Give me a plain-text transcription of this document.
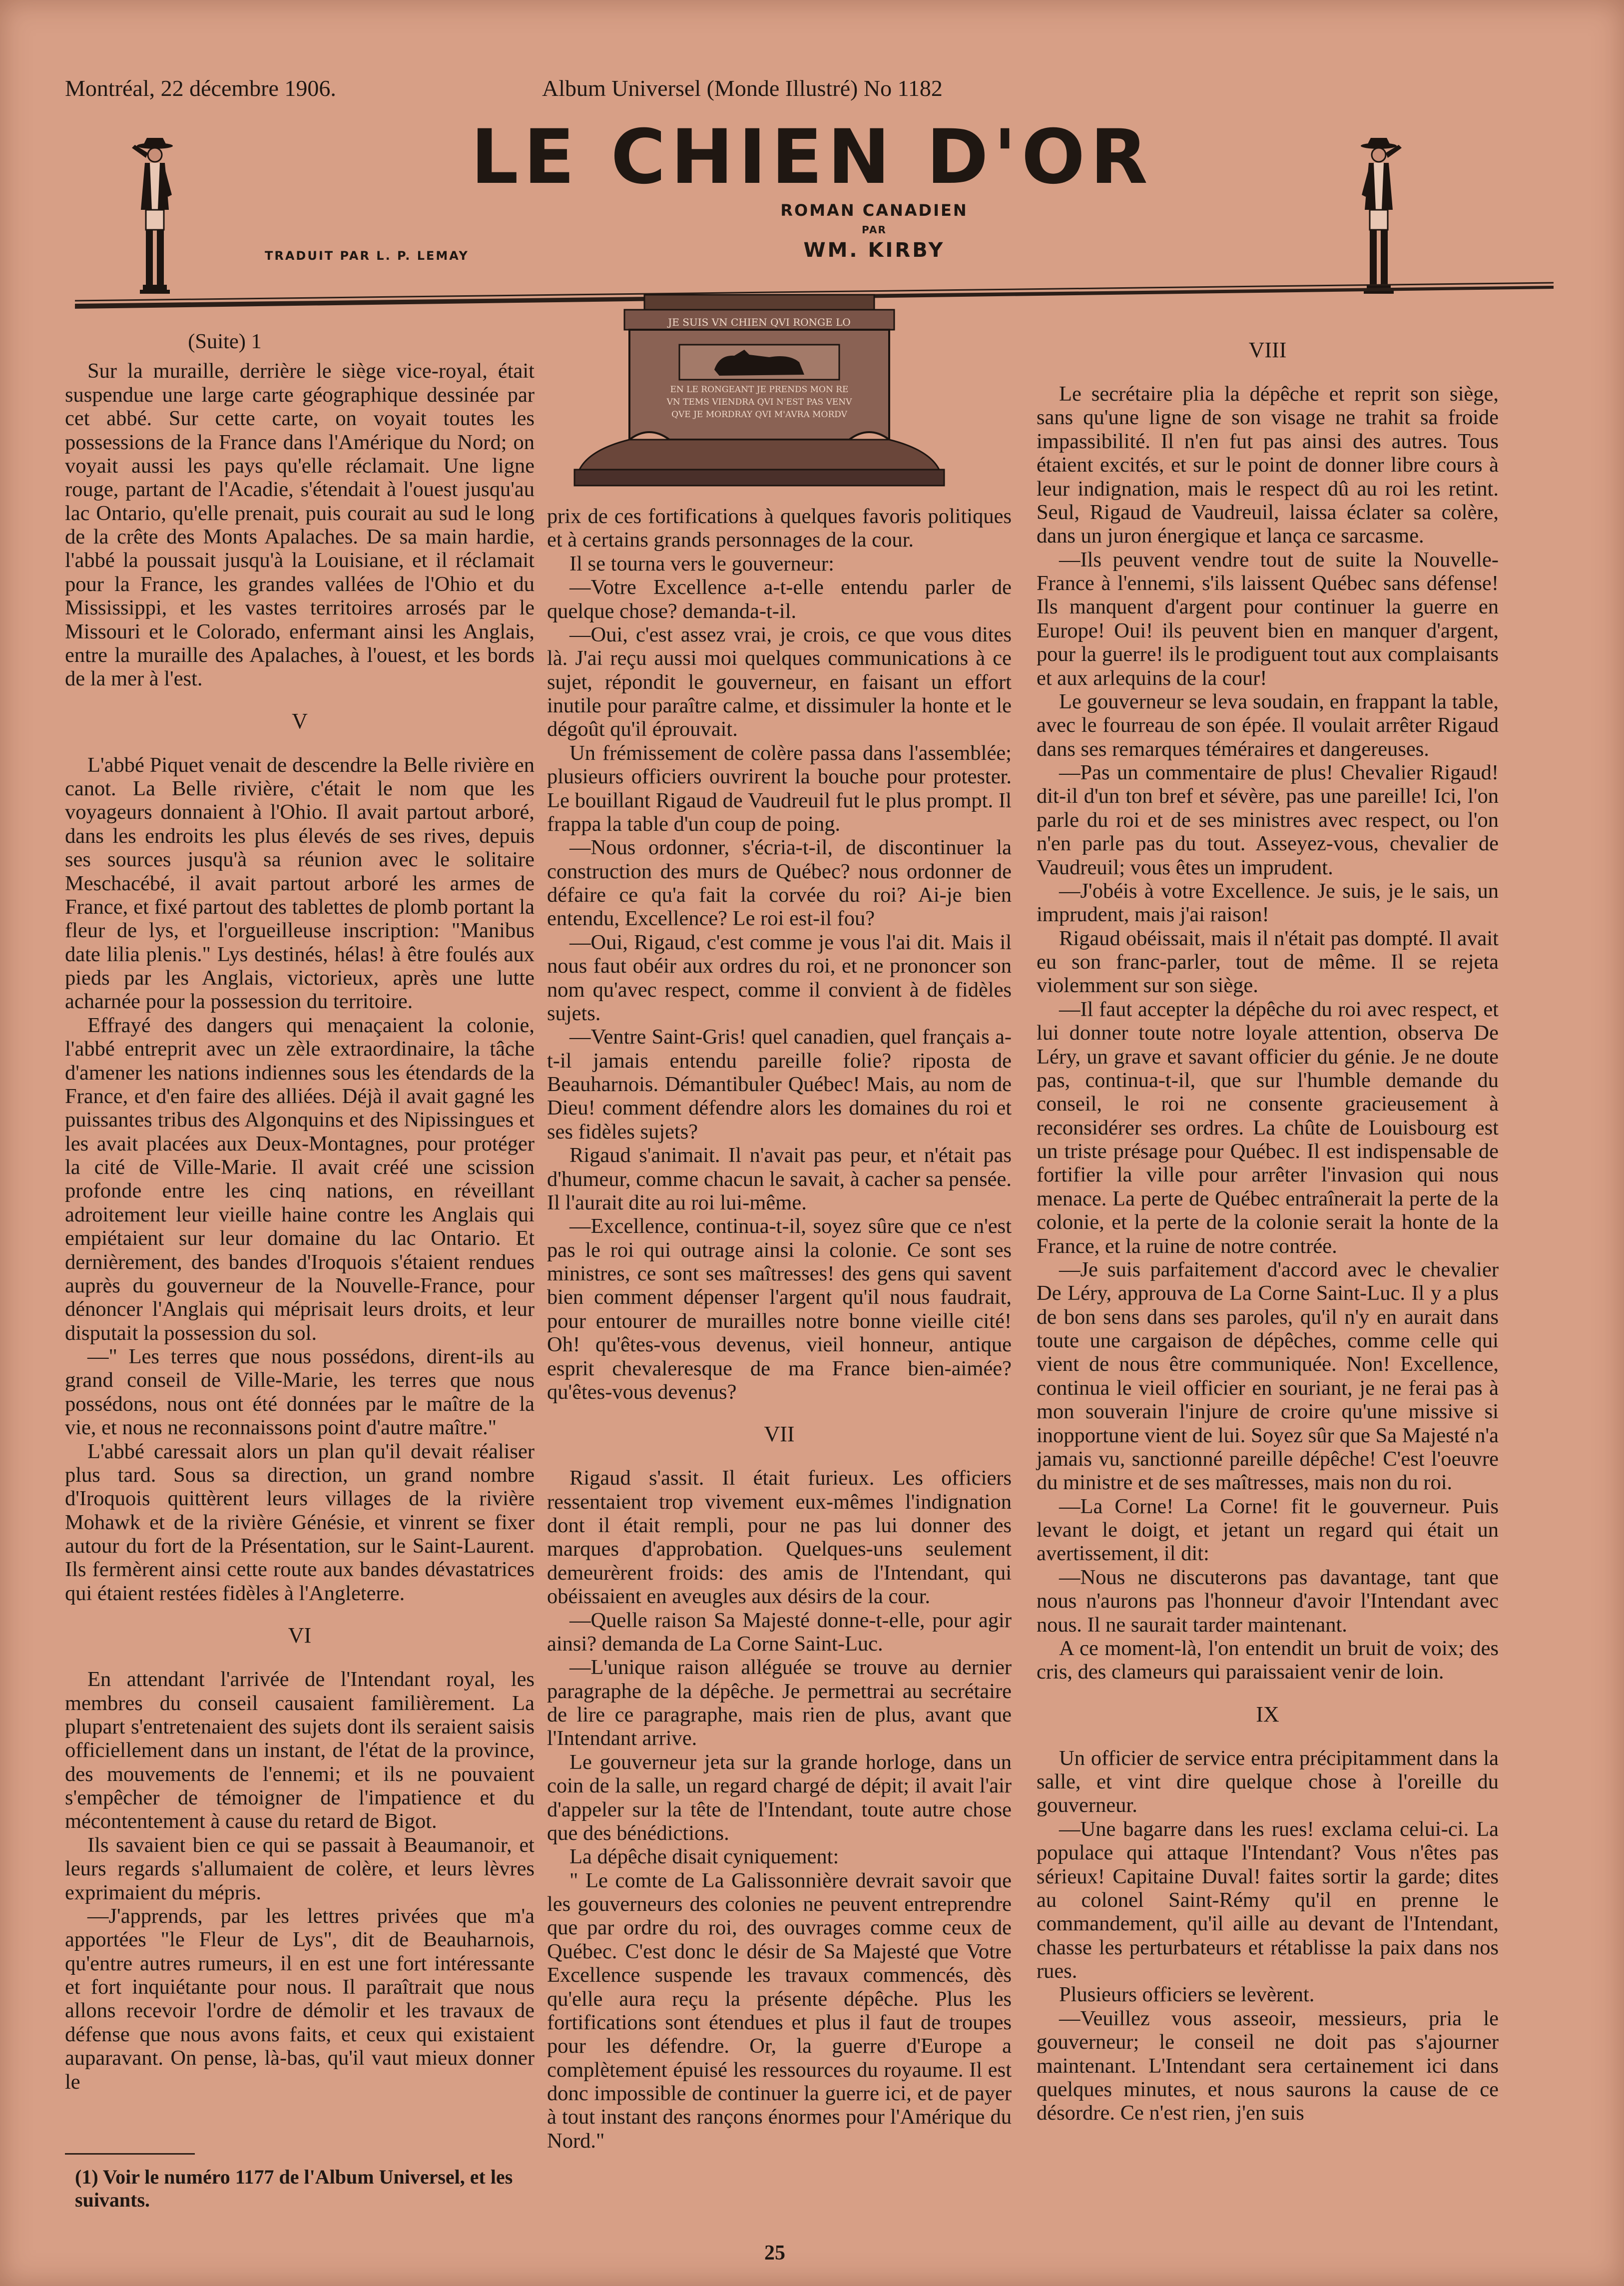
Montréal, 22 décembre 1906.	Album Universel (Monde Illustré) No 1182
LE CHIEN D'OR
ROMAN CANADIEN
PAR
WM. KIRBY
TRADUIT PAR L. P. LEMAY
JE SUIS VN CHIEN QVI RONGE LO
EN LE RONGEANT JE PRENDS MON RE
VN TEMS VIENDRA QVI N'EST PAS VENV
QVE JE MORDRAY QVI M'AVRA MORDV

(Suite) 1

Sur la muraille, derrière le siège vice-royal, était suspendue une large carte géographique dessinée par cet abbé. Sur cette carte, on voyait toutes les possessions de la France dans l'Amérique du Nord; on voyait aussi les pays qu'elle réclamait. Une ligne rouge, partant de l'Acadie, s'étendait à l'ouest jusqu'au lac Ontario, qu'elle prenait, puis courait au sud le long de la crête des Monts Apalaches. De sa main hardie, l'abbé la poussait jusqu'à la Louisiane, et il réclamait pour la France, les grandes vallées de l'Ohio et du Mississippi, et les vastes territoires arrosés par le Missouri et le Colorado, enfermant ainsi les Anglais, entre la muraille des Apalaches, à l'ouest, et les bords de la mer à l'est.

V

L'abbé Piquet venait de descendre la Belle rivière en canot. La Belle rivière, c'était le nom que les voyageurs donnaient à l'Ohio. Il avait partout arboré, dans les endroits les plus élevés de ses rives, depuis ses sources jusqu'à sa réunion avec le solitaire Meschacébé, il avait partout arboré les armes de France, et fixé partout des tablettes de plomb portant la fleur de lys, et l'orgueilleuse inscription: "Manibus date lilia plenis." Lys destinés, hélas! à être foulés aux pieds par les Anglais, victorieux, après une lutte acharnée pour la possession du territoire.

Effrayé des dangers qui menaçaient la colonie, l'abbé entreprit avec un zèle extraordinaire, la tâche d'amener les nations indiennes sous les étendards de la France, et d'en faire des alliées. Déjà il avait gagné les puissantes tribus des Algonquins et des Nipissingues et les avait placées aux Deux-Montagnes, pour protéger la cité de Ville-Marie. Il avait créé une scission profonde entre les cinq nations, en réveillant adroitement leur vieille haine contre les Anglais qui empiétaient sur leur domaine du lac Ontario. Et dernièrement, des bandes d'Iroquois s'étaient rendues auprès du gouverneur de la Nouvelle-France, pour dénoncer l'Anglais qui méprisait leurs droits, et leur disputait la possession du sol.

—" Les terres que nous possédons, dirent-ils au grand conseil de Ville-Marie, les terres que nous possédons, nous ont été données par le maître de la vie, et nous ne reconnaissons point d'autre maître."

L'abbé caressait alors un plan qu'il devait réaliser plus tard. Sous sa direction, un grand nombre d'Iroquois quittèrent leurs villages de la rivière Mohawk et de la rivière Génésie, et vinrent se fixer autour du fort de la Présentation, sur le Saint-Laurent. Ils fermèrent ainsi cette route aux bandes dévastatrices qui étaient restées fidèles à l'Angleterre.

VI

En attendant l'arrivée de l'Intendant royal, les membres du conseil causaient familièrement. La plupart s'entretenaient des sujets dont ils seraient saisis officiellement dans un instant, de l'état de la province, des mouvements de l'ennemi; et ils ne pouvaient s'empêcher de témoigner de l'impatience et du mécontentement à cause du retard de Bigot.

Ils savaient bien ce qui se passait à Beaumanoir, et leurs regards s'allumaient de colère, et leurs lèvres exprimaient du mépris.

—J'apprends, par les lettres privées que m'a apportées "le Fleur de Lys", dit de Beauharnois, qu'entre autres rumeurs, il en est une fort intéressante et fort inquiétante pour nous. Il paraîtrait que nous allons recevoir l'ordre de démolir et les travaux de défense que nous avons faits, et ceux qui existaient auparavant. On pense, là-bas, qu'il vaut mieux donner le

prix de ces fortifications à quelques favoris politiques et à certains grands personnages de la cour.

Il se tourna vers le gouverneur:

—Votre Excellence a-t-elle entendu parler de quelque chose? demanda-t-il.

—Oui, c'est assez vrai, je crois, ce que vous dites là. J'ai reçu aussi moi quelques communications à ce sujet, répondit le gouverneur, en faisant un effort inutile pour paraître calme, et dissimuler la honte et le dégoût qu'il éprouvait.

Un frémissement de colère passa dans l'assemblée; plusieurs officiers ouvrirent la bouche pour protester. Le bouillant Rigaud de Vaudreuil fut le plus prompt. Il frappa la table d'un coup de poing.

—Nous ordonner, s'écria-t-il, de discontinuer la construction des murs de Québec? nous ordonner de défaire ce qu'a fait la corvée du roi? Ai-je bien entendu, Excellence? Le roi est-il fou?

—Oui, Rigaud, c'est comme je vous l'ai dit. Mais il nous faut obéir aux ordres du roi, et ne prononcer son nom qu'avec respect, comme il convient à de fidèles sujets.

—Ventre Saint-Gris! quel canadien, quel français a-t-il jamais entendu pareille folie? riposta de Beauharnois. Démantibuler Québec! Mais, au nom de Dieu! comment défendre alors les domaines du roi et ses fidèles sujets?

Rigaud s'animait. Il n'avait pas peur, et n'était pas d'humeur, comme chacun le savait, à cacher sa pensée. Il l'aurait dite au roi lui-même.

—Excellence, continua-t-il, soyez sûre que ce n'est pas le roi qui outrage ainsi la colonie. Ce sont ses ministres, ce sont ses maîtresses! des gens qui savent bien comment dépenser l'argent qu'il nous faudrait, pour entourer de murailles notre bonne vieille cité! Oh! qu'êtes-vous devenus, vieil honneur, antique esprit chevaleresque de ma France bien-aimée? qu'êtes-vous devenus?

VII

Rigaud s'assit. Il était furieux. Les officiers ressentaient trop vivement eux-mêmes l'indignation dont il était rempli, pour ne pas lui donner des marques d'approbation. Quelques-uns seulement demeurèrent froids: des amis de l'Intendant, qui obéissaient en aveugles aux désirs de la cour.

—Quelle raison Sa Majesté donne-t-elle, pour agir ainsi? demanda de La Corne Saint-Luc.

—L'unique raison alléguée se trouve au dernier paragraphe de la dépêche. Je permettrai au secrétaire de lire ce paragraphe, mais rien de plus, avant que l'Intendant arrive.

Le gouverneur jeta sur la grande horloge, dans un coin de la salle, un regard chargé de dépit; il avait l'air d'appeler sur la tête de l'Intendant, toute autre chose que des bénédictions.

La dépêche disait cyniquement:

" Le comte de La Galissonnière devrait savoir que les gouverneurs des colonies ne peuvent entreprendre que par ordre du roi, des ouvrages comme ceux de Québec. C'est donc le désir de Sa Majesté que Votre Excellence suspende les travaux commencés, dès qu'elle aura reçu la présente dépêche. Plus les fortifications sont étendues et plus il faut de troupes pour les défendre. Or, la guerre d'Europe a complètement épuisé les ressources du royaume. Il est donc impossible de continuer la guerre ici, et de payer à tout instant des rançons énormes pour l'Amérique du Nord."

VIII

Le secrétaire plia la dépêche et reprit son siège, sans qu'une ligne de son visage ne trahit sa froide impassibilité. Il n'en fut pas ainsi des autres. Tous étaient excités, et sur le point de donner libre cours à leur indignation, mais le respect dû au roi les retint. Seul, Rigaud de Vaudreuil, laissa éclater sa colère, dans un juron énergique et lança ce sarcasme.

—Ils peuvent vendre tout de suite la Nouvelle-France à l'ennemi, s'ils laissent Québec sans défense! Ils manquent d'argent pour continuer la guerre en Europe! Oui! ils peuvent bien en manquer d'argent, pour la guerre! ils le prodiguent tout aux complaisants et aux arlequins de la cour!

Le gouverneur se leva soudain, en frappant la table, avec le fourreau de son épée. Il voulait arrêter Rigaud dans ses remarques téméraires et dangereuses.

—Pas un commentaire de plus! Chevalier Rigaud! dit-il d'un ton bref et sévère, pas une pareille! Ici, l'on parle du roi et de ses ministres avec respect, ou l'on n'en parle pas du tout. Asseyez-vous, chevalier de Vaudreuil; vous êtes un imprudent.

—J'obéis à votre Excellence. Je suis, je le sais, un imprudent, mais j'ai raison!

Rigaud obéissait, mais il n'était pas dompté. Il avait eu son franc-parler, tout de même. Il se rejeta violemment sur son siège.

—Il faut accepter la dépêche du roi avec respect, et lui donner toute notre loyale attention, observa De Léry, un grave et savant officier du génie. Je ne doute pas, continua-t-il, que sur l'humble demande du conseil, le roi ne consente gracieusement à reconsidérer ses ordres. La chûte de Louisbourg est un triste présage pour Québec. Il est indispensable de fortifier la ville pour arrêter l'invasion qui nous menace. La perte de Québec entraînerait la perte de la colonie, et la perte de la colonie serait la honte de la France, et la ruine de notre contrée.

—Je suis parfaitement d'accord avec le chevalier De Léry, approuva de La Corne Saint-Luc. Il y a plus de bon sens dans ses paroles, qu'il n'y en aurait dans toute une cargaison de dépêches, comme celle qui vient de nous être communiquée. Non! Excellence, continua le vieil officier en souriant, je ne ferai pas à mon souverain l'injure de croire qu'une missive si inopportune vient de lui. Soyez sûr que Sa Majesté n'a jamais vu, sanctionné pareille dépêche! C'est l'oeuvre du ministre et de ses maîtresses, mais non du roi.

—La Corne! La Corne! fit le gouverneur. Puis levant le doigt, et jetant un regard qui était un avertissement, il dit:

—Nous ne discuterons pas davantage, tant que nous n'aurons pas l'honneur d'avoir l'Intendant avec nous. Il ne saurait tarder maintenant.

A ce moment-là, l'on entendit un bruit de voix; des cris, des clameurs qui paraissaient venir de loin.

IX

Un officier de service entra précipitamment dans la salle, et vint dire quelque chose à l'oreille du gouverneur.

—Une bagarre dans les rues! exclama celui-ci. La populace qui attaque l'Intendant? Vous n'êtes pas sérieux! Capitaine Duval! faites sortir la garde; dites au colonel Saint-Rémy qu'il en prenne le commandement, qu'il aille au devant de l'Intendant, chasse les perturbateurs et rétablisse la paix dans nos rues.

Plusieurs officiers se levèrent.

—Veuillez vous asseoir, messieurs, pria le gouverneur; le conseil ne doit pas s'ajourner maintenant. L'Intendant sera certainement ici dans quelques minutes, et nous saurons la cause de ce désordre. Ce n'est rien, j'en suis

(1) Voir le numéro 1177 de l'Album Universel, et les suivants.
25
